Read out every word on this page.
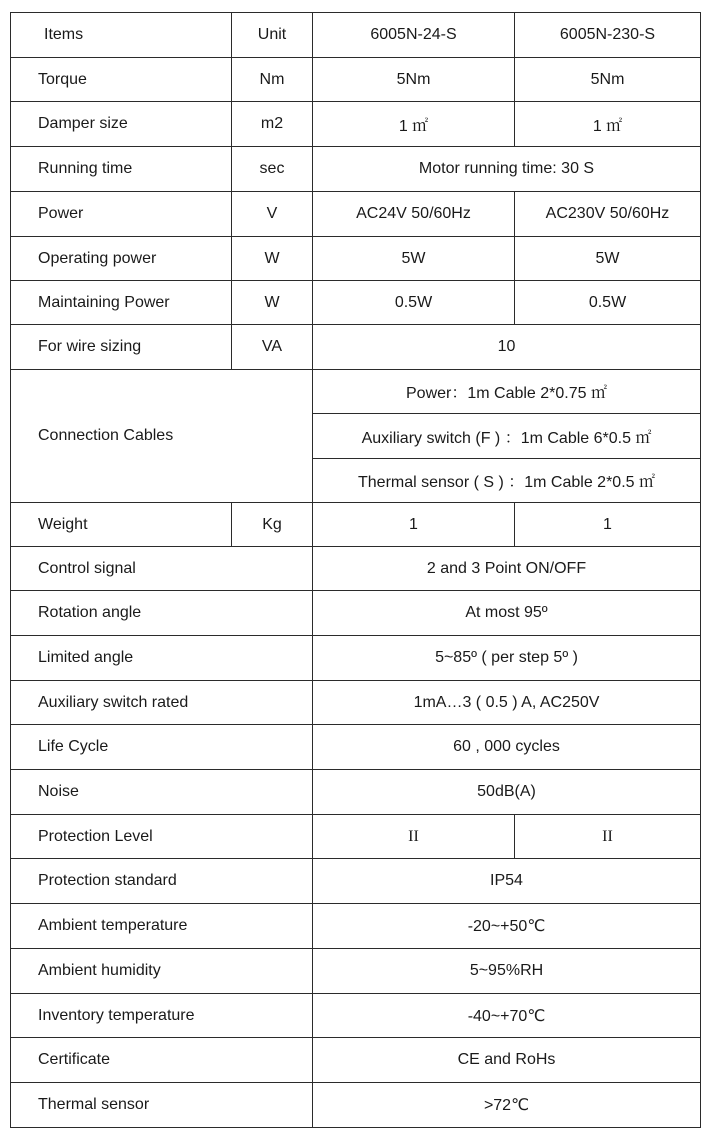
Items	Unit	6005N-24-S	6005N-230-S
Torque	Nm	5Nm	5Nm
Damper size	m2	1 ㎡	1 ㎡
Running time	sec	Motor running time: 30 S	
Power	V	AC24V 50/60Hz	AC230V 50/60Hz
Operating power	W	5W	5W
Maintaining Power	W	0.5W	0.5W
For wire sizing	VA	10	
Connection Cables		Power：1m Cable 2*0.75 ㎡	
		Auxiliary switch (F ) ：1m Cable 6*0.5 ㎡	
		Thermal sensor ( S ) ：1m Cable 2*0.5 ㎡	
Weight	Kg	1	1
Control signal		2 and 3 Point ON/OFF	
Rotation angle		At most 95º	
Limited angle		5~85º ( per step 5º )	
Auxiliary switch rated		1mA…3 ( 0.5 ) A, AC250V	
Life Cycle		60 , 000 cycles	
Noise		50dB(A)	
Protection Level		II	II
Protection standard		IP54	
Ambient temperature		-20~+50℃	
Ambient humidity		5~95%RH	
Inventory temperature		-40~+70℃	
Certificate		CE and RoHs	
Thermal sensor		>72℃	
